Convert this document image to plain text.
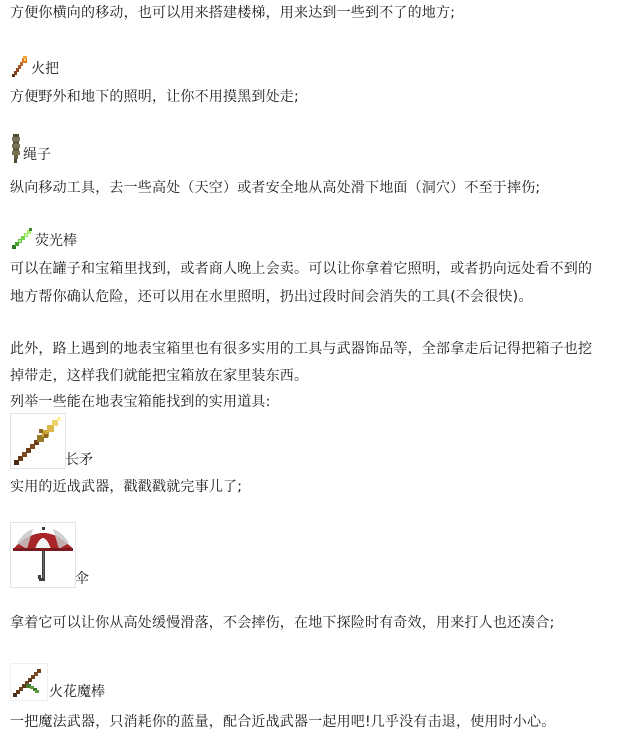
方便你横向的移动，也可以用来搭建楼梯，用来达到一些到不了的地方;
火把
方便野外和地下的照明，让你不用摸黑到处走;
绳子
纵向移动工具，去一些高处（天空）或者安全地从高处滑下地面（洞穴）不至于摔伤;
荧光棒
可以在罐子和宝箱里找到，或者商人晚上会卖。可以让你拿着它照明，或者扔向远处看不到的
地方帮你确认危险，还可以用在水里照明，扔出过段时间会消失的工具(不会很快)。
此外，路上遇到的地表宝箱里也有很多实用的工具与武器饰品等，全部拿走后记得把箱子也挖
掉带走，这样我们就能把宝箱放在家里装东西。
列举一些能在地表宝箱能找到的实用道具:
长矛
实用的近战武器，戳戳戳就完事儿了;
伞
拿着它可以让你从高处缓慢滑落，不会摔伤，在地下探险时有奇效，用来打人也还凑合;
火花魔棒
一把魔法武器，只消耗你的蓝量，配合近战武器一起用吧!几乎没有击退，使用时小心。
